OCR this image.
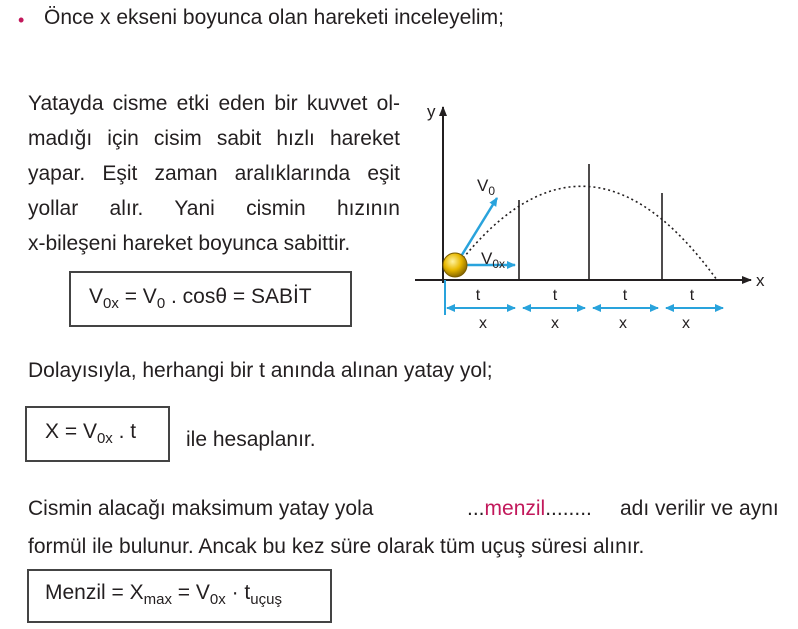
• Önce x ekseni boyunca olan hareketi inceleyelim;
Yatayda cisme etki eden bir kuvvet ol-
madığı için cisim sabit hızlı hareket
yapar. Eşit zaman aralıklarında eşit
yollar alır. Yani cismin hızının
x-bileşeni hareket boyunca sabittir.
$V_{0x} = V_0$ . cosθ = SABİT
y
x
$V_0$
$V_{0x}$
t	t	t	t
x	x	x	x
Dolayısıyla, herhangi bir t anında alınan yatay yol;
$X = V_{0x}$ . t ile hesaplanır.
Cismin alacağı maksimum yatay yola	...menzil........ adı verilir ve aynı
formül ile bulunur. Ancak bu kez süre olarak tüm uçuş süresi alınır.
Menzil = $X_{max} = V_{0x} \cdot t_{uçuş}$
